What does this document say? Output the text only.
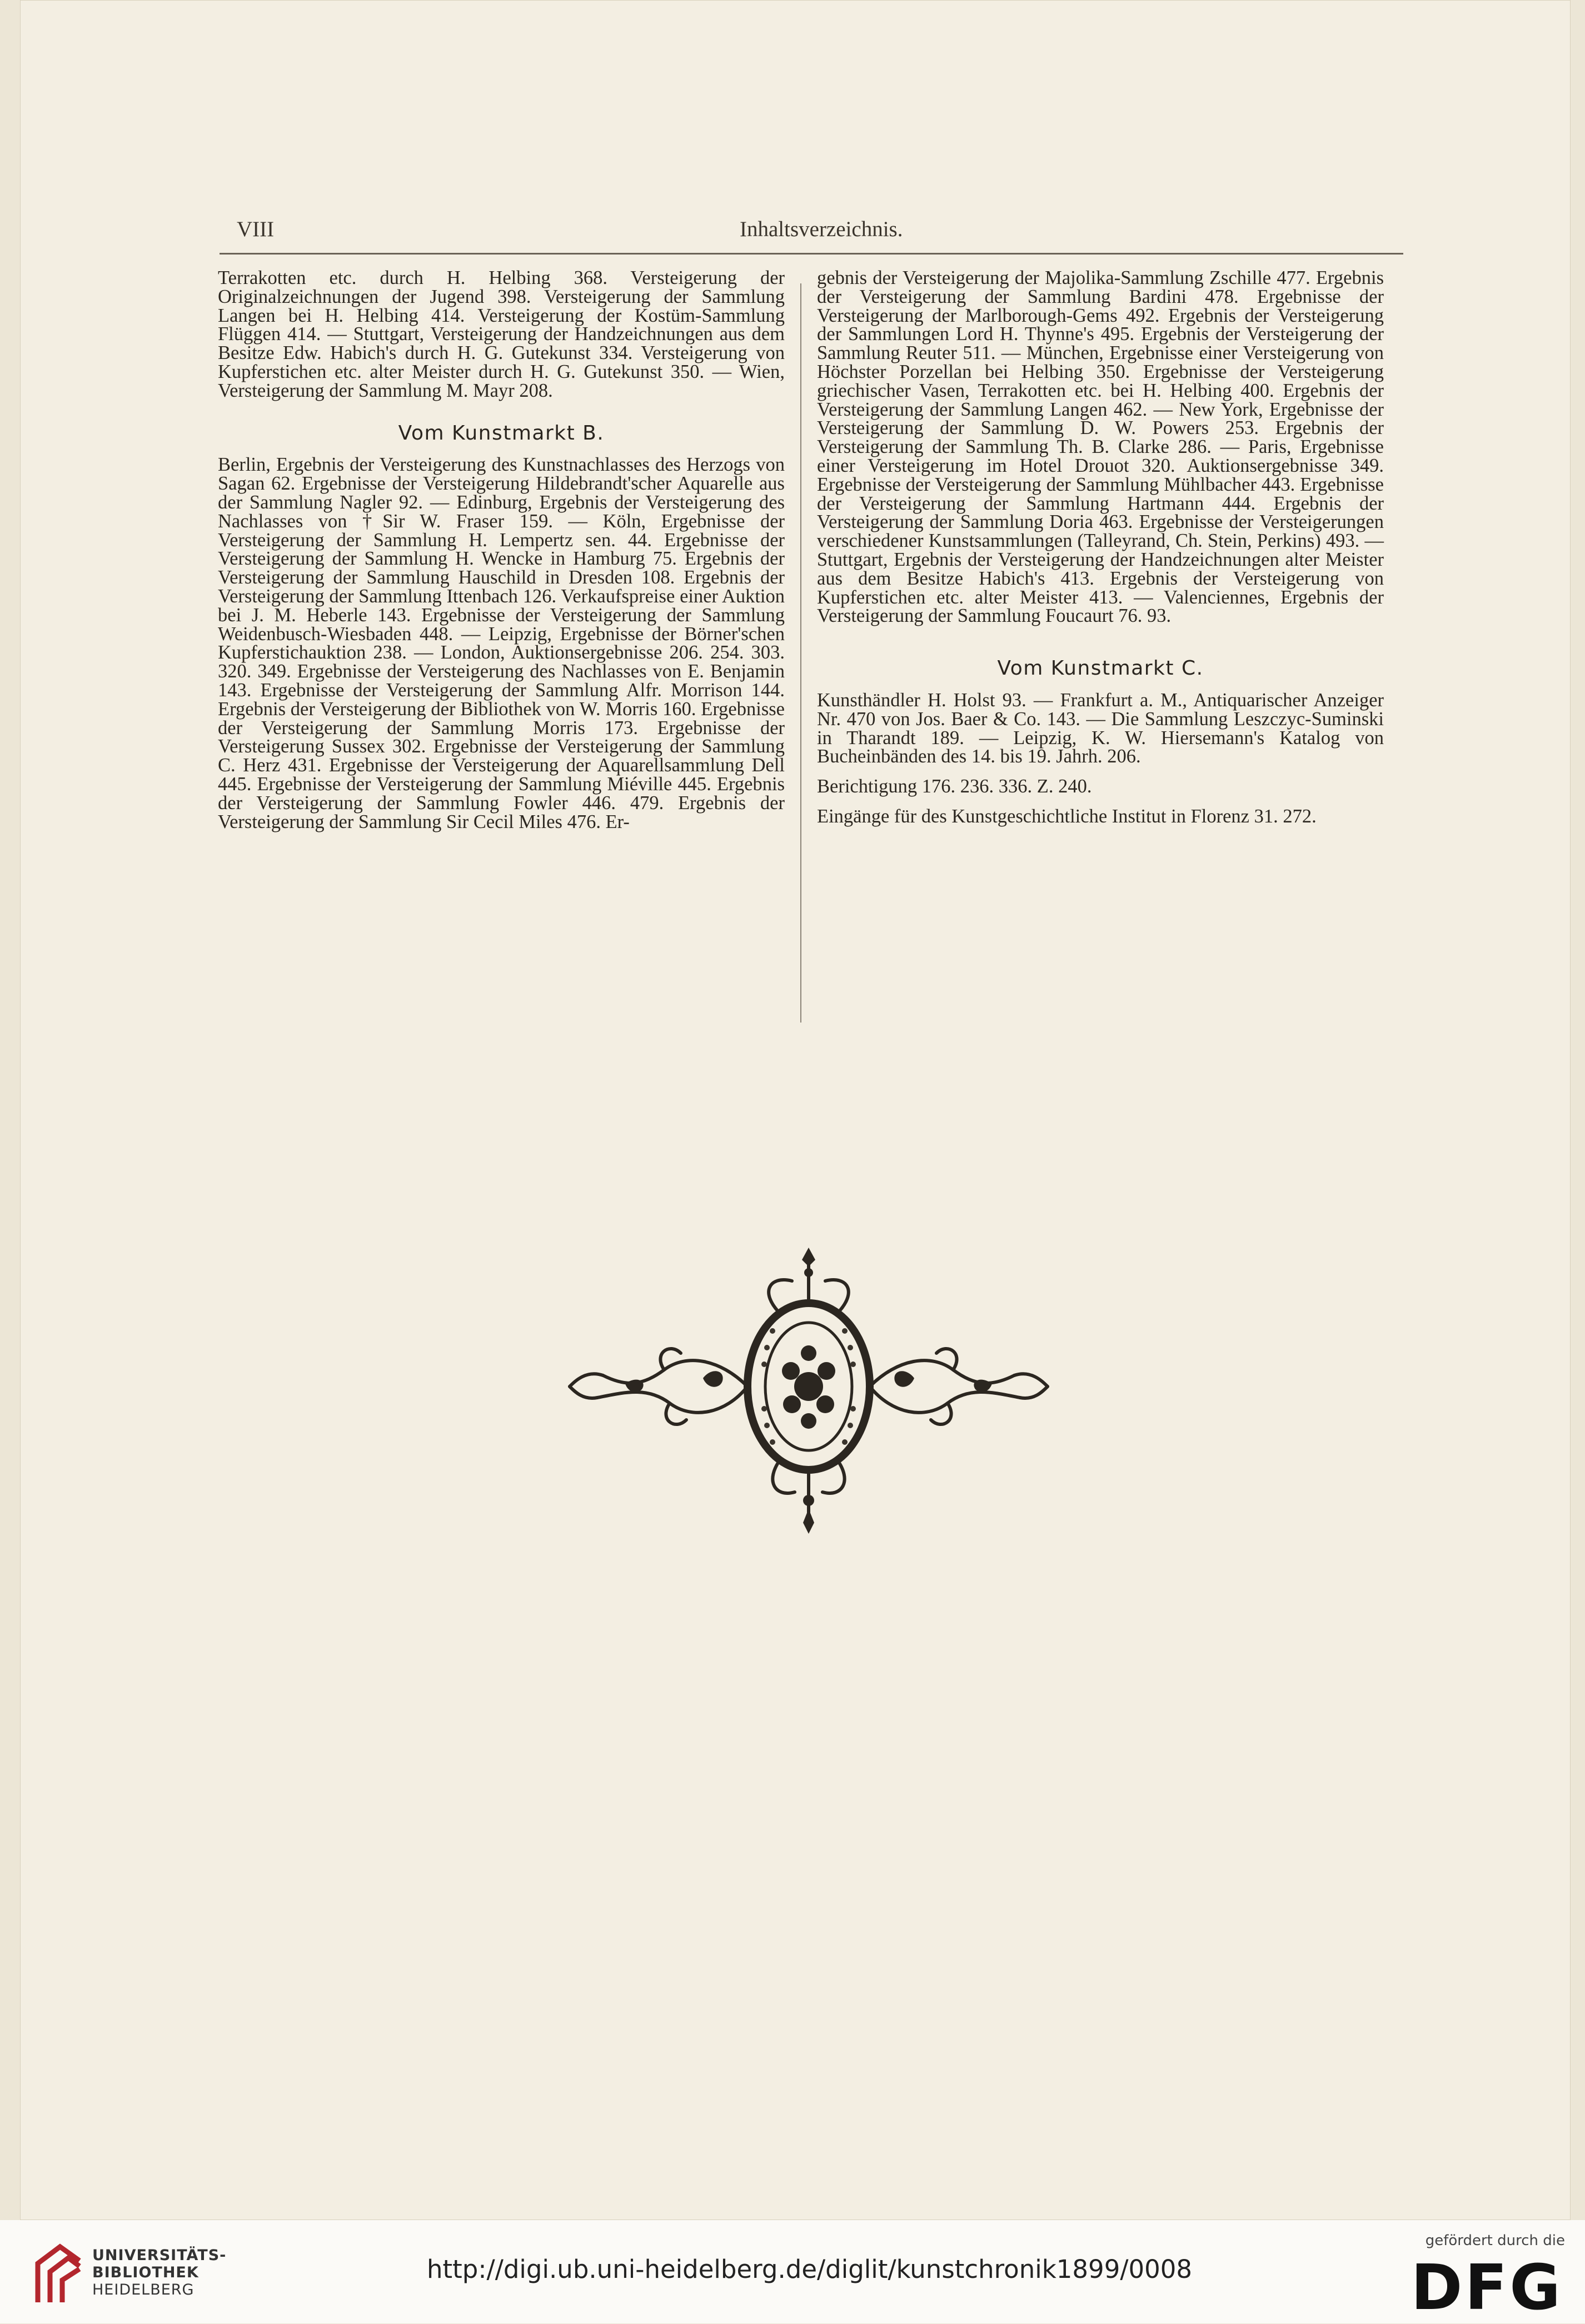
VIII	Inhaltsverzeichnis.

Terrakotten etc. durch H. Helbing 368. Versteigerung der Originalzeichnungen der Jugend 398. Versteigerung der Sammlung Langen bei H. Helbing 414. Versteigerung der Kostüm-Sammlung Flüggen 414. — Stuttgart, Versteigerung der Handzeichnungen aus dem Besitze Edw. Habich's durch H. G. Gutekunst 334. Versteigerung von Kupferstichen etc. alter Meister durch H. G. Gutekunst 350. — Wien, Versteigerung der Sammlung M. Mayr 208.

Vom Kunstmarkt B.

Berlin, Ergebnis der Versteigerung des Kunstnachlasses des Herzogs von Sagan 62. Ergebnisse der Versteigerung Hildebrandt'scher Aquarelle aus der Sammlung Nagler 92. — Edinburg, Ergebnis der Versteigerung des Nachlasses von †Sir W. Fraser 159. — Köln, Ergebnisse der Versteigerung der Sammlung H. Lempertz sen. 44. Ergebnisse der Versteigerung der Sammlung H. Wencke in Hamburg 75. Ergebnis der Versteigerung der Sammlung Hauschild in Dresden 108. Ergebnis der Versteigerung der Sammlung Ittenbach 126. Verkaufspreise einer Auktion bei J. M. Heberle 143. Ergebnisse der Versteigerung der Sammlung Weidenbusch-Wiesbaden 448. — Leipzig, Ergebnisse der Börner'schen Kupferstichauktion 238. — London, Auktionsergebnisse 206. 254. 303. 320. 349. Ergebnisse der Versteigerung des Nachlasses von E. Benjamin 143. Ergebnisse der Versteigerung der Sammlung Alfr. Morrison 144. Ergebnis der Versteigerung der Bibliothek von W. Morris 160. Ergebnisse der Versteigerung der Sammlung Morris 173. Ergebnisse der Versteigerung Sussex 302. Ergebnisse der Versteigerung der Sammlung C. Herz 431. Ergebnisse der Versteigerung der Aquarellsammlung Dell 445. Ergebnisse der Versteigerung der Sammlung Miéville 445. Ergebnis der Versteigerung der Sammlung Fowler 446. 479. Ergebnis der Versteigerung der Sammlung Sir Cecil Miles 476. Er-

gebnis der Versteigerung der Majolika-Sammlung Zschille 477. Ergebnis der Versteigerung der Sammlung Bardini 478. Ergebnisse der Versteigerung der Marlborough-Gems 492. Ergebnis der Versteigerung der Sammlungen Lord H. Thynne's 495. Ergebnis der Versteigerung der Sammlung Reuter 511. — München, Ergebnisse einer Versteigerung von Höchster Porzellan bei Helbing 350. Ergebnisse der Versteigerung griechischer Vasen, Terrakotten etc. bei H. Helbing 400. Ergebnis der Versteigerung der Sammlung Langen 462. — New York, Ergebnisse der Versteigerung der Sammlung D. W. Powers 253. Ergebnis der Versteigerung der Sammlung Th. B. Clarke 286. — Paris, Ergebnisse einer Versteigerung im Hotel Drouot 320. Auktionsergebnisse 349. Ergebnisse der Versteigerung der Sammlung Mühlbacher 443. Ergebnisse der Versteigerung der Sammlung Hartmann 444. Ergebnis der Versteigerung der Sammlung Doria 463. Ergebnisse der Versteigerungen verschiedener Kunstsammlungen (Talleyrand, Ch. Stein, Perkins) 493. — Stuttgart, Ergebnis der Versteigerung der Handzeichnungen alter Meister aus dem Besitze Habich's 413. Ergebnis der Versteigerung von Kupferstichen etc. alter Meister 413. — Valenciennes, Ergebnis der Versteigerung der Sammlung Foucaurt 76. 93.

Vom Kunstmarkt C.

Kunsthändler H. Holst 93. — Frankfurt a. M., Antiquarischer Anzeiger Nr. 470 von Jos. Baer & Co. 143. — Die Sammlung Leszczyc-Suminski in Tharandt 189. — Leipzig, K. W. Hiersemann's Katalog von Bucheinbänden des 14. bis 19. Jahrh. 206.

Berichtigung 176. 236. 336. Z. 240.

Eingänge für des Kunstgeschichtliche Institut in Florenz 31. 272.

UNIVERSITÄTS-
BIBLIOTHEK
HEIDELBERG
http://digi.ub.uni-heidelberg.de/diglit/kunstchronik1899/0008
gefördert durch die
DFG
